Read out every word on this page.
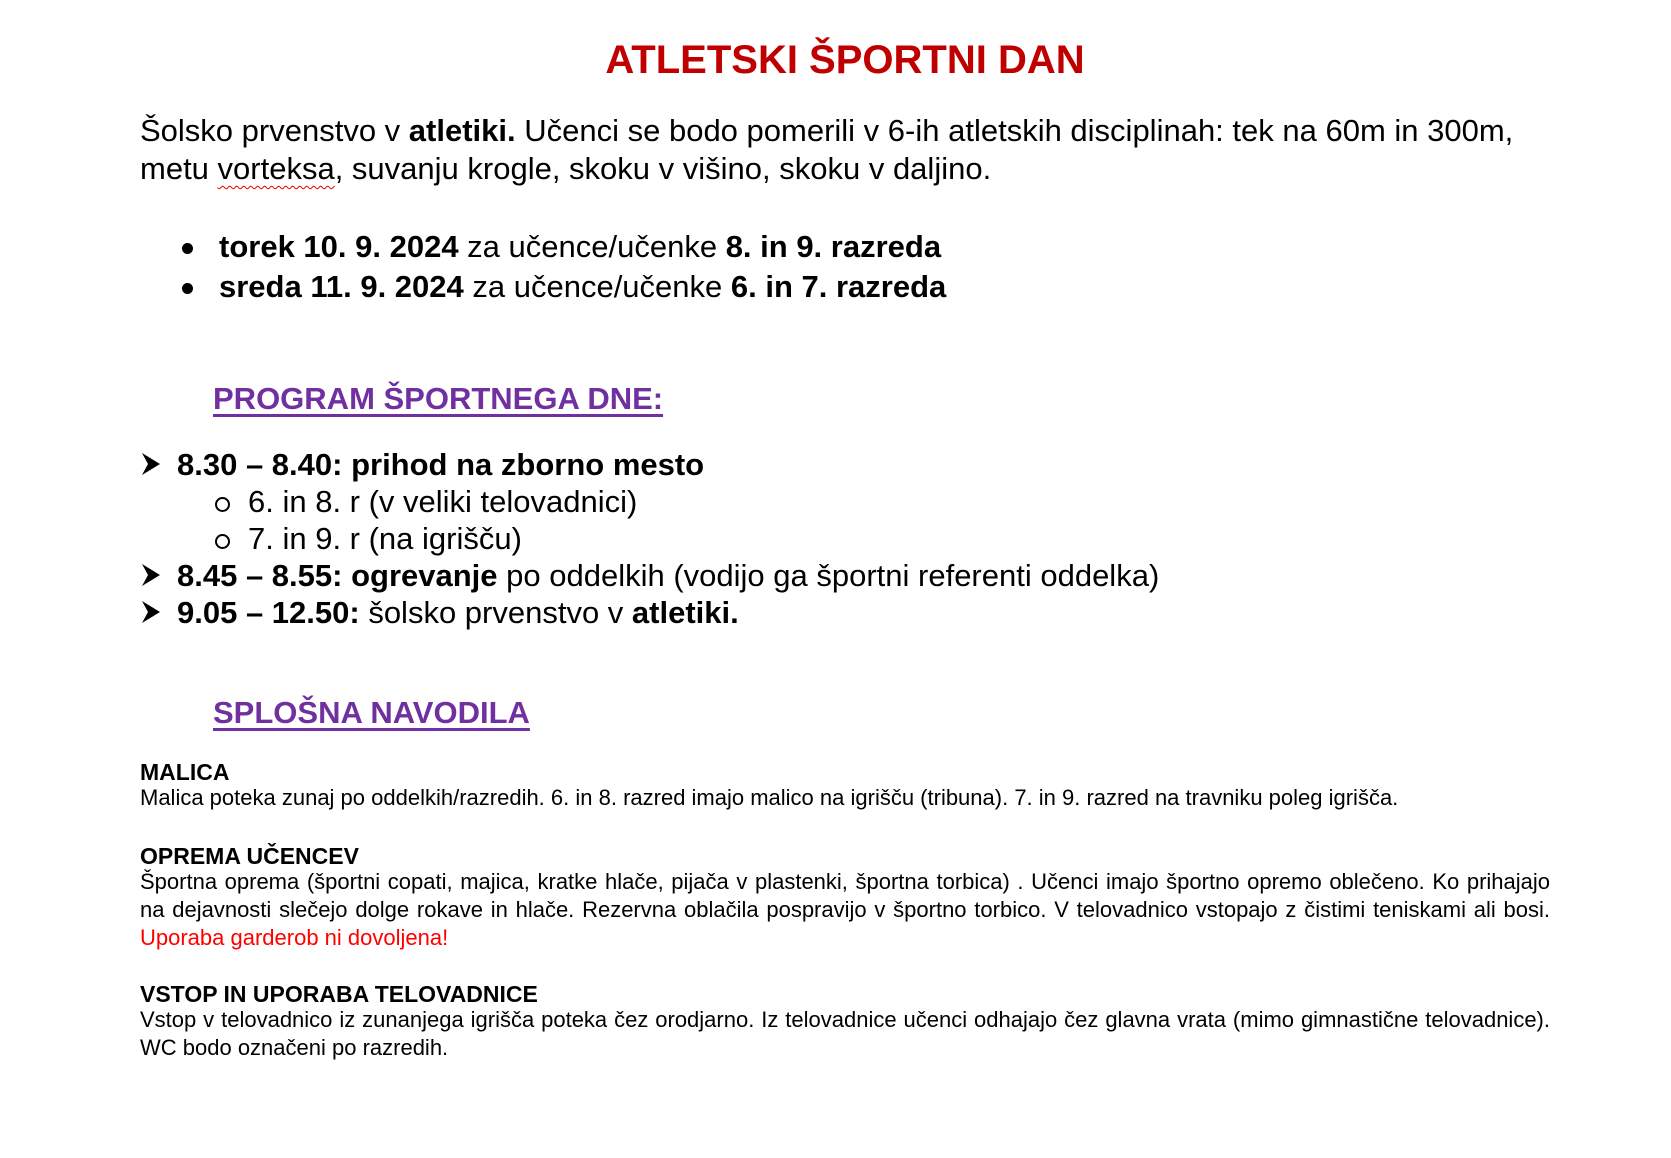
ATLETSKI ŠPORTNI DAN
Šolsko prvenstvo v atletiki. Učenci se bodo pomerili v 6-ih atletskih disciplinah: tek na 60m in 300m, metu vorteksa, suvanju krogle, skoku v višino, skoku v daljino.
torek 10. 9. 2024 za učence/učenke 8. in 9. razreda
sreda 11. 9. 2024 za učence/učenke 6. in 7. razreda
PROGRAM ŠPORTNEGA DNE:
8.30 – 8.40: prihod na zborno mesto
6. in 8. r (v veliki telovadnici)
7. in 9. r (na igrišču)
8.45 – 8.55: ogrevanje po oddelkih (vodijo ga športni referenti oddelka)
9.05 – 12.50: šolsko prvenstvo v atletiki.
SPLOŠNA NAVODILA
MALICA
Malica poteka zunaj po oddelkih/razredih. 6. in 8. razred imajo malico na igrišču (tribuna). 7. in 9. razred na travniku poleg igrišča.
OPREMA UČENCEV
Športna oprema (športni copati, majica, kratke hlače, pijača v plastenki, športna torbica) . Učenci imajo športno opremo oblečeno. Ko prihajajo na dejavnosti slečejo dolge rokave in hlače. Rezervna oblačila pospravijo v športno torbico. V telovadnico vstopajo z čistimi teniskami ali bosi. Uporaba garderob ni dovoljena!
VSTOP IN UPORABA TELOVADNICE
Vstop v telovadnico iz zunanjega igrišča poteka čez orodjarno. Iz telovadnice učenci odhajajo čez glavna vrata (mimo gimnastične telovadnice). WC bodo označeni po razredih.
